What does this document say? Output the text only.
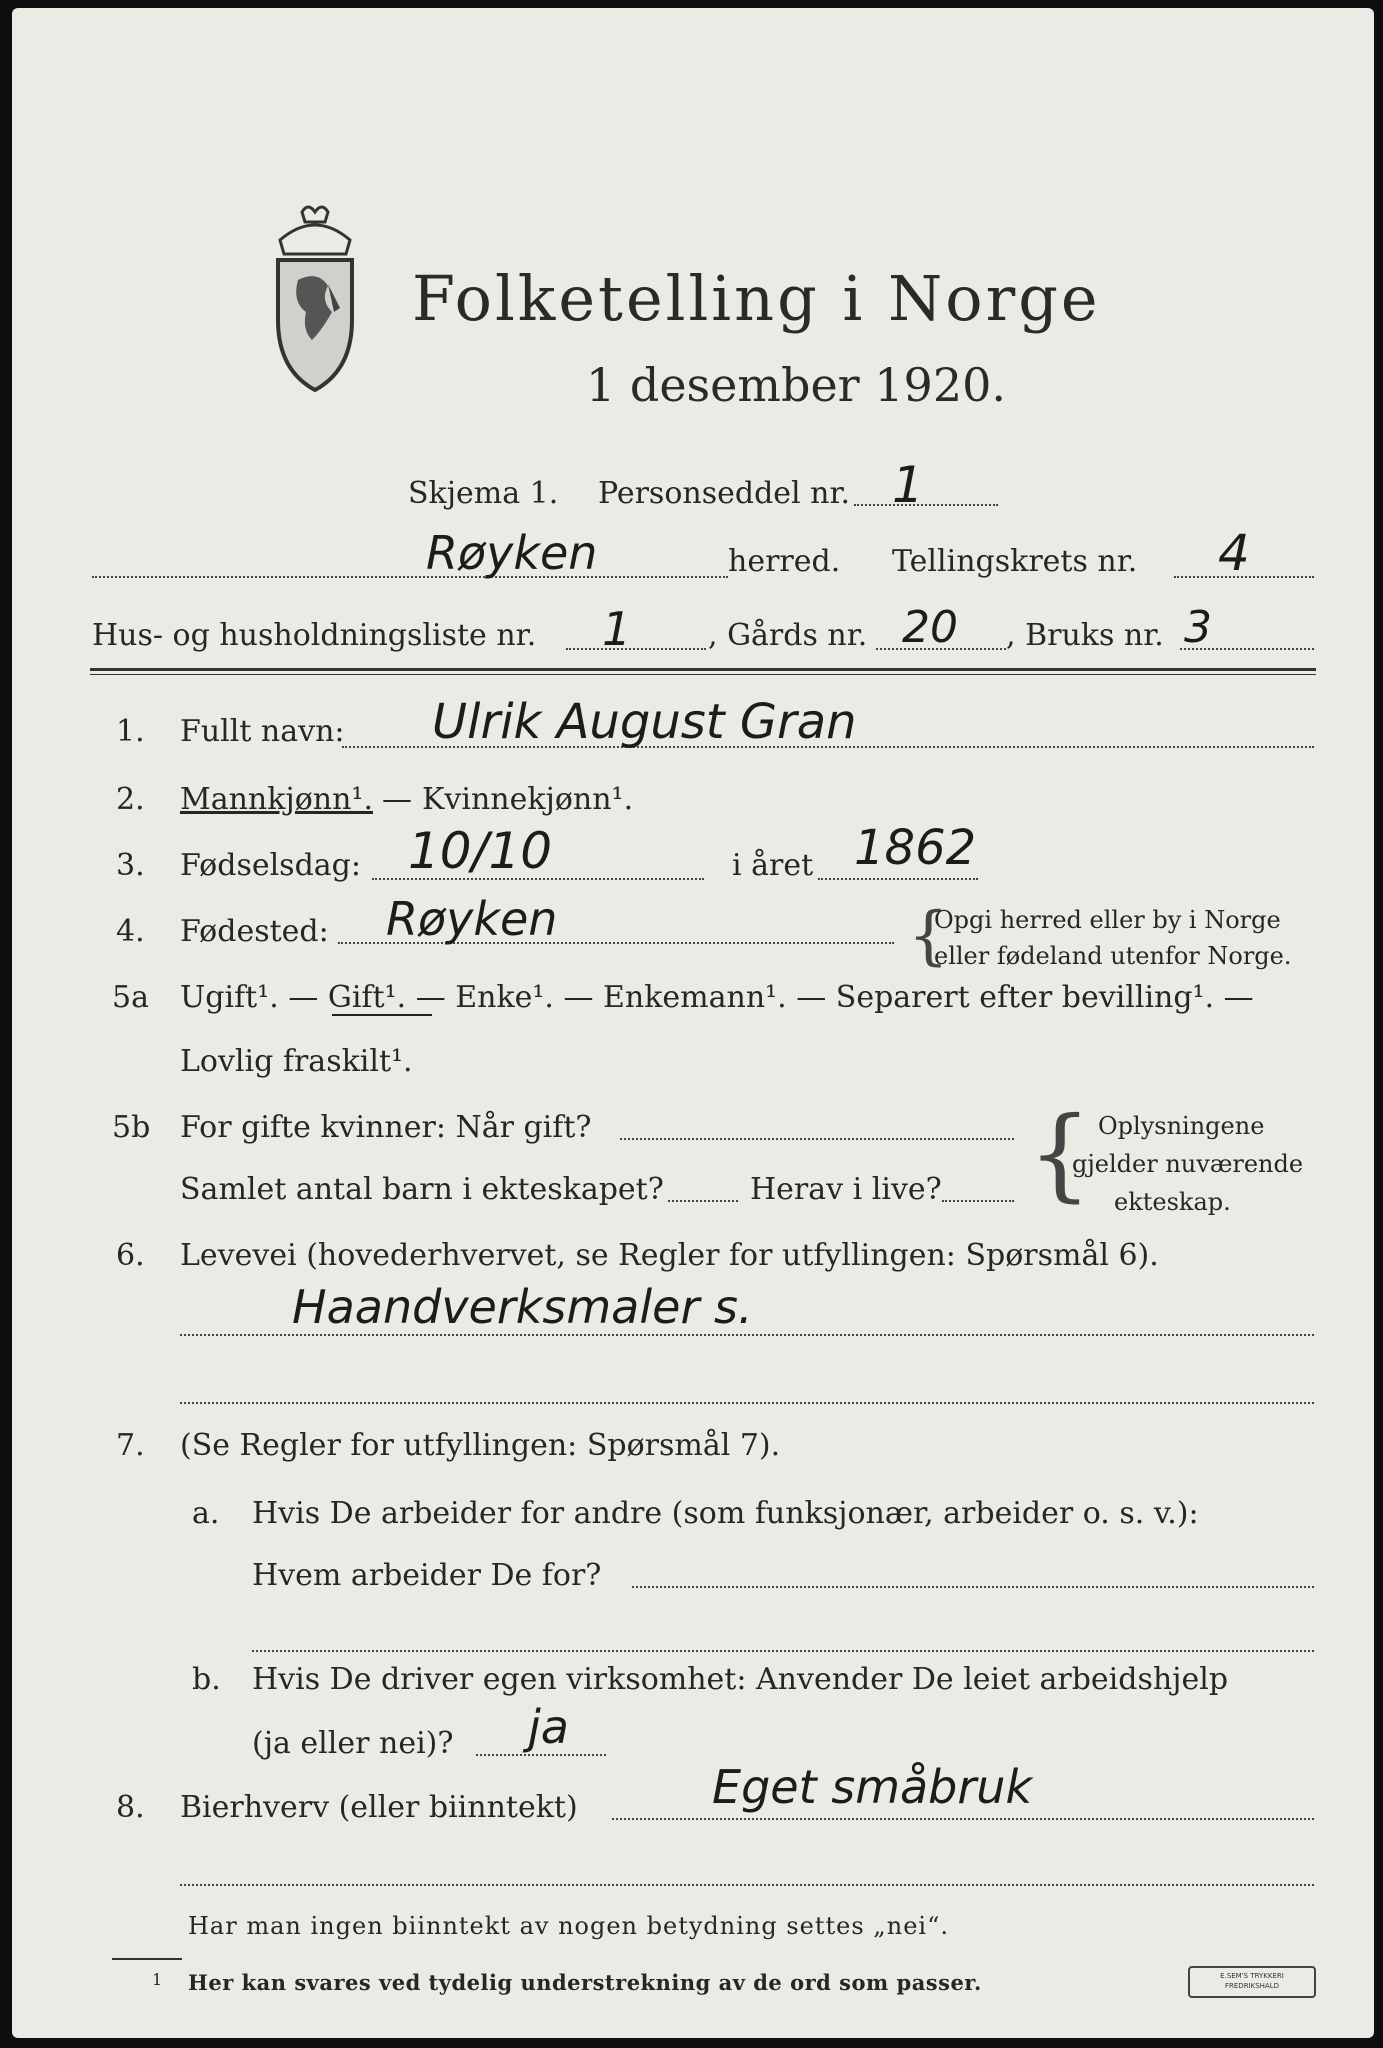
Folketelling i Norge
1 desember 1920.
Skjema 1. Personseddel nr. 1
Røyken	herred. Tellingskrets nr. 4
Hus- og husholdningsliste nr. 1	, Gårds nr. 20 , Bruks nr. 3
1. Fullt navn: Ulrik August Gran
2. Mannkjønn¹. — Kvinnekjønn¹.
3. Fødselsdag: 10/10	i året 1862
4. Fødested: Røyken	{
Opgi herred eller by i Norge
eller fødeland utenfor Norge.
5a Ugift¹. — Gift¹. — Enke¹. — Enkemann¹. — Separert efter bevilling¹. —
Lovlig fraskilt¹.
5b For gifte kvinner: Når gift?
Samlet antal barn i ekteskapet?	Herav i live? { Oplysningene
gjelder nuværende
ekteskap.
6. Levevei (hovederhvervet, se Regler for utfyllingen: Spørsmål 6).
Haandverksmaler s.
7. (Se Regler for utfyllingen: Spørsmål 7).
a. Hvis De arbeider for andre (som funksjonær, arbeider o. s. v.):
Hvem arbeider De for?
b. Hvis De driver egen virksomhet: Anvender De leiet arbeidshjelp
(ja eller nei)? ja
8. Bierhverv (eller biinntekt)	Eget småbruk
Har man ingen biinntekt av nogen betydning settes „nei“.
1 Her kan svares ved tydelig understrekning av de ord som passer.	E.SEM'S TRYKKERI
FREDRIKSHALD
